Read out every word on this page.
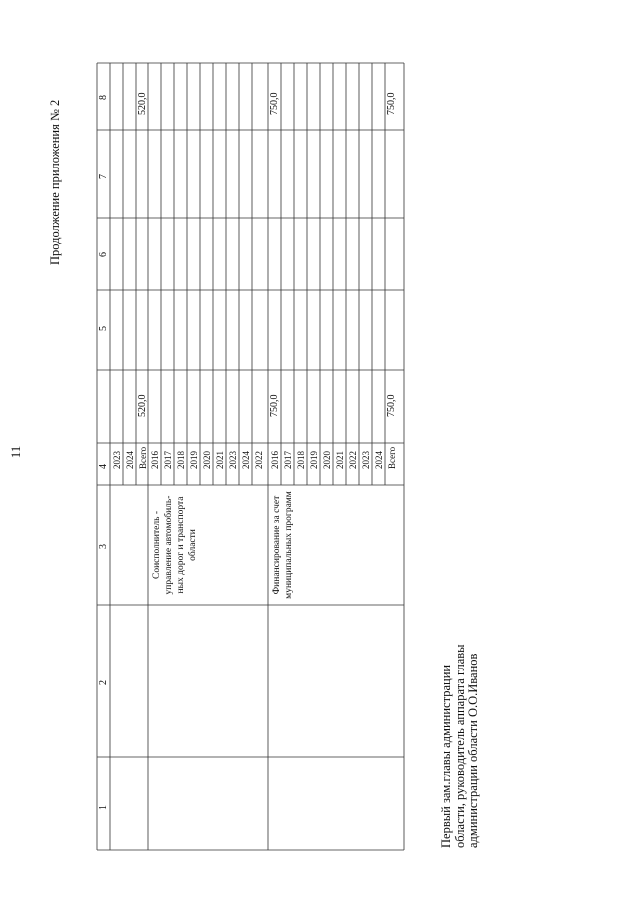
11
Продолжение приложения № 2
1
2
3
4
5
6
7
8
2023 2024 Всего
520,0
520,0
Соисполнитель - управление автомобиль-ных дорог и транспорта области
2016 2017 2018 2019 2020 2021 2023 2024 2022
Финансирование за счет муниципальных программ
2016
750,0
750,0
2017 2018 2019 2020 2021 2022 2023 2024 Всего
750,0
750,0
Первый зам.главы администрации области, руководитель аппарата главы администрации области О.О.Иванов
